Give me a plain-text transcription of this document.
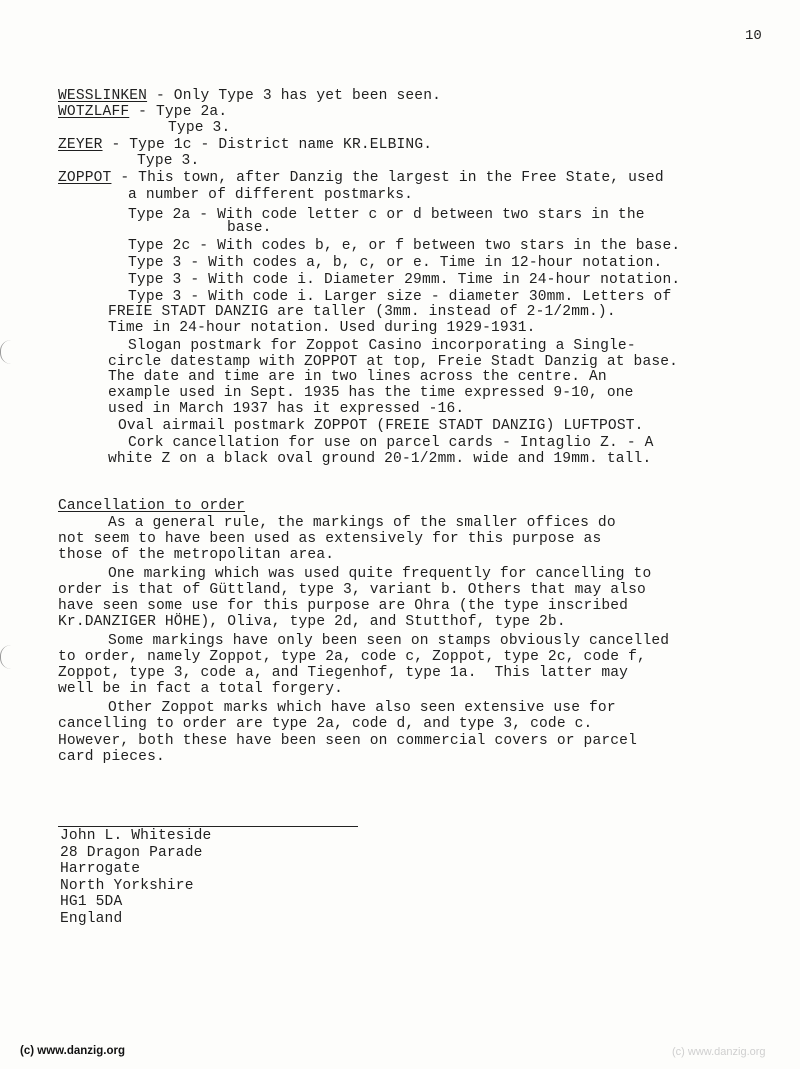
10
WESSLINKEN - Only Type 3 has yet been seen.
WOTZLAFF - Type 2a.
Type 3.
ZEYER - Type 1c - District name KR.ELBING.
Type 3.
ZOPPOT - This town, after Danzig the largest in the Free State, used
a number of different postmarks.
Type 2a - With code letter c or d between two stars in the
base.
Type 2c - With codes b, e, or f between two stars in the base.
Type 3 - With codes a, b, c, or e. Time in 12-hour notation.
Type 3 - With code i. Diameter 29mm. Time in 24-hour notation.
Type 3 - With code i. Larger size - diameter 30mm. Letters of
FREIE STADT DANZIG are taller (3mm. instead of 2-1/2mm.).
Time in 24-hour notation. Used during 1929-1931.
Slogan postmark for Zoppot Casino incorporating a Single-
circle datestamp with ZOPPOT at top, Freie Stadt Danzig at base.
The date and time are in two lines across the centre. An
example used in Sept. 1935 has the time expressed 9-10, one
used in March 1937 has it expressed -16.
Oval airmail postmark ZOPPOT (FREIE STADT DANZIG) LUFTPOST.
Cork cancellation for use on parcel cards - Intaglio Z. - A
white Z on a black oval ground 20-1/2mm. wide and 19mm. tall.
Cancellation to order
As a general rule, the markings of the smaller offices do
not seem to have been used as extensively for this purpose as
those of the metropolitan area.
One marking which was used quite frequently for cancelling to
order is that of Güttland, type 3, variant b. Others that may also
have seen some use for this purpose are Ohra (the type inscribed
Kr.DANZIGER HÖHE), Oliva, type 2d, and Stutthof, type 2b.
Some markings have only been seen on stamps obviously cancelled
to order, namely Zoppot, type 2a, code c, Zoppot, type 2c, code f,
Zoppot, type 3, code a, and Tiegenhof, type 1a.  This latter may
well be in fact a total forgery.
Other Zoppot marks which have also seen extensive use for
cancelling to order are type 2a, code d, and type 3, code c.
However, both these have been seen on commercial covers or parcel
card pieces.
John L. Whiteside
28 Dragon Parade
Harrogate
North Yorkshire
HG1 5DA
England
(c) www.danzig.org	(c) www.danzig.org
